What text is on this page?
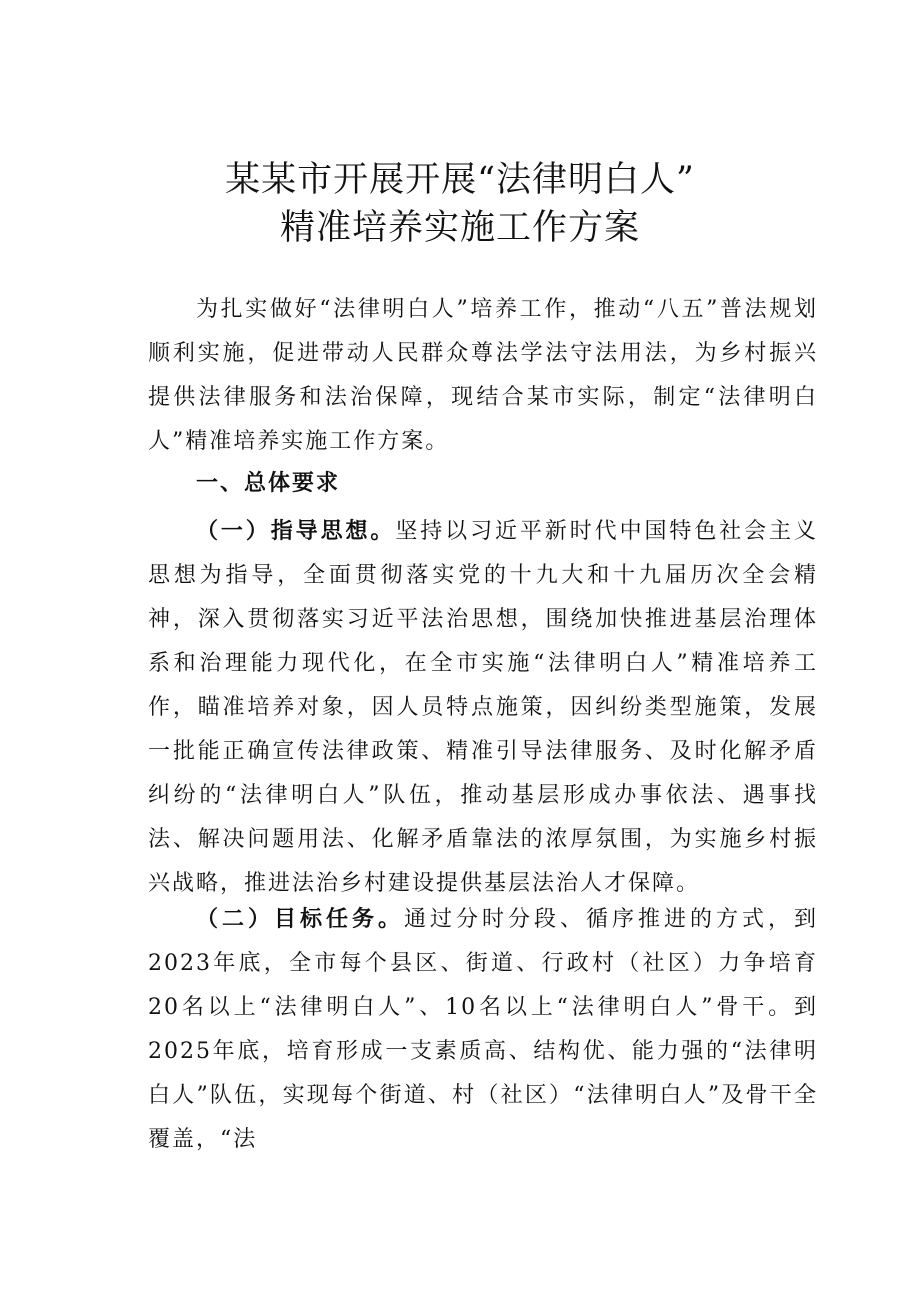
某某市开展开展“法律明白人”
精准培养实施工作方案

为扎实做好“法律明白人”培养工作，推动“八五”普法规划顺利实施，促进带动人民群众尊法学法守法用法，为乡村振兴提供法律服务和法治保障，现结合某市实际，制定“法律明白人”精准培养实施工作方案。

一、总体要求

（一）指导思想。坚持以习近平新时代中国特色社会主义思想为指导，全面贯彻落实党的十九大和十九届历次全会精神，深入贯彻落实习近平法治思想，围绕加快推进基层治理体系和治理能力现代化，在全市实施“法律明白人”精准培养工作，瞄准培养对象，因人员特点施策，因纠纷类型施策，发展一批能正确宣传法律政策、精准引导法律服务、及时化解矛盾纠纷的“法律明白人”队伍，推动基层形成办事依法、遇事找法、解决问题用法、化解矛盾靠法的浓厚氛围，为实施乡村振兴战略，推进法治乡村建设提供基层法治人才保障。

（二）目标任务。通过分时分段、循序推进的方式，到2023年底，全市每个县区、街道、行政村（社区）力争培育20名以上“法律明白人”、10名以上“法律明白人”骨干。到2025年底，培育形成一支素质高、结构优、能力强的“法律明白人”队伍，实现每个街道、村（社区）“法律明白人”及骨干全覆盖，“法
